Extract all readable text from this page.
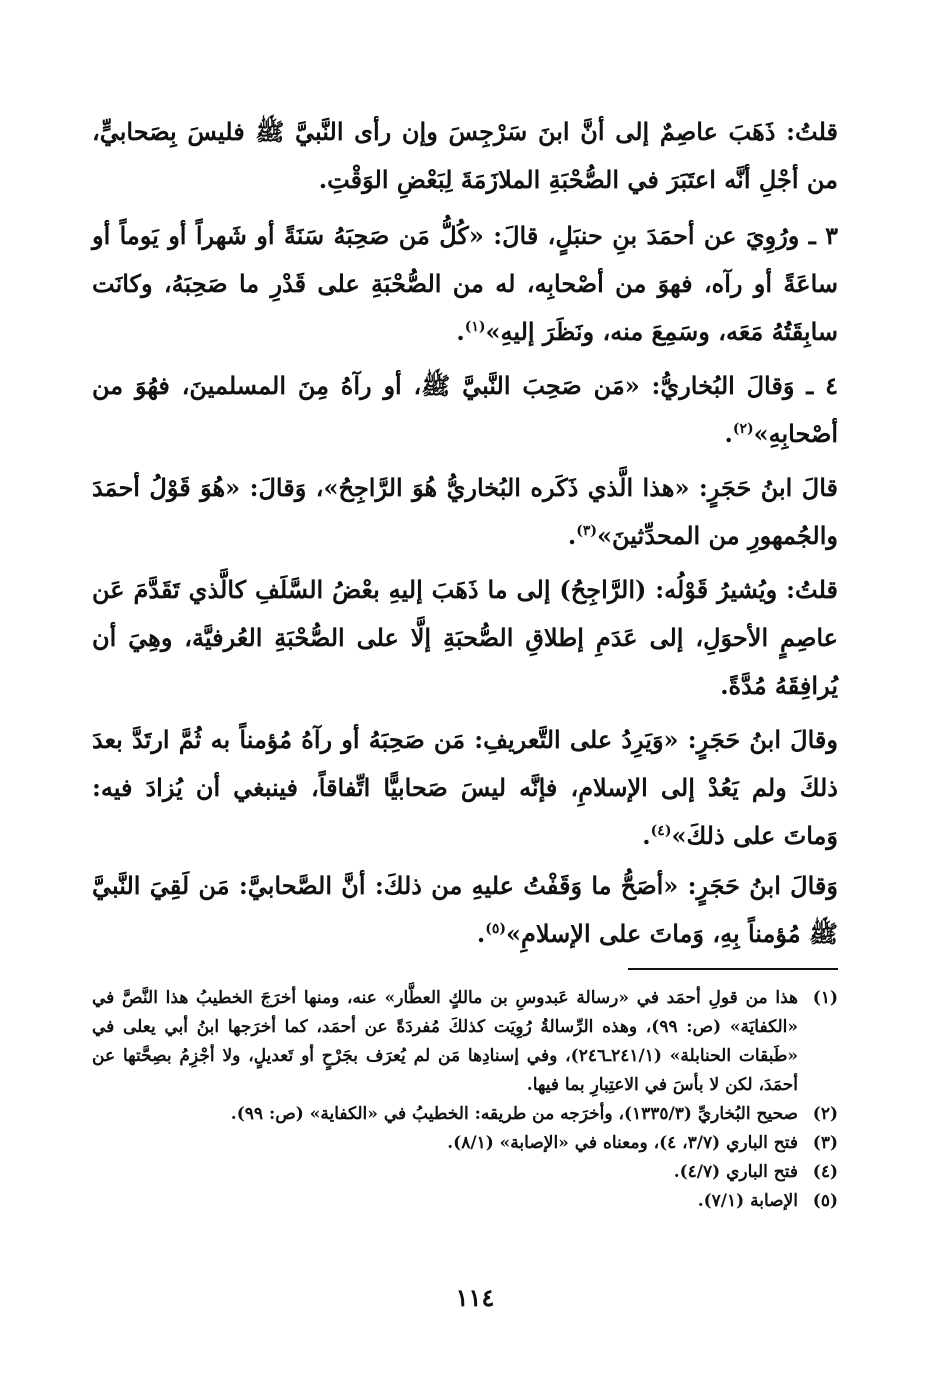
قلتُ: ذَهَبَ عاصِمٌ إلى أنَّ ابنَ سَرْجِسَ وإن رأى النَّبيَّ ﷺ فليسَ بِصَحابيٍّ، من أجْلِ أنَّه اعتَبَرَ في الصُّحْبَةِ الملازَمَةَ لِبَعْضِ الوَقْتِ.

٣ ـ ورُوِيَ عن أحمَدَ بنِ حنبَلٍ، قالَ: «كُلُّ مَن صَحِبَهُ سَنَةً أو شَهراً أو يَوماً أو ساعَةً أو رآه، فهوَ من أصْحابِه، له من الصُّحْبَةِ على قَدْرِ ما صَحِبَهُ، وكانَت سابِقَتُهُ مَعَه، وسَمِعَ منه، ونَظَرَ إليهِ»$^{(١)}$.

٤ ـ وَقالَ البُخاريُّ: «مَن صَحِبَ النَّبيَّ ﷺ، أو رآهُ مِنَ المسلمينَ، فهُوَ من أصْحابِهِ»$^{(٢)}$.

قالَ ابنُ حَجَرٍ: «هذا الَّذي ذَكَره البُخاريُّ هُوَ الرَّاجِحُ»، وَقالَ: «هُوَ قَوْلُ أحمَدَ والجُمهورِ من المحدِّثينَ»$^{(٣)}$.

قلتُ: ويُشيرُ قَوْلُه: (الرَّاجِحُ) إلى ما ذَهَبَ إليهِ بعْضُ السَّلَفِ كالَّذي تَقَدَّمَ عَن عاصِمٍ الأحوَلِ، إلى عَدَمِ إطلاقِ الصُّحبَةِ إلَّا على الصُّحْبَةِ العُرفيَّة، وهِيَ أن يُرافِقَهُ مُدَّةً.

وقالَ ابنُ حَجَرٍ: «وَيَرِدُ على التَّعريفِ: مَن صَحِبَهُ أو رآهُ مُؤمناً به ثُمَّ ارتَدَّ بعدَ ذلكَ ولم يَعُدْ إلى الإسلامِ، فإنَّه ليسَ صَحابيًّا اتِّفاقاً، فينبغي أن يُزادَ فيه: وَماتَ على ذلكَ»$^{(٤)}$.

وَقالَ ابنُ حَجَرٍ: «أصَحُّ ما وَقَفْتُ عليهِ من ذلكَ: أنَّ الصَّحابيَّ: مَن لَقِيَ النَّبيَّ ﷺ مُؤمناً بِهِ، وَماتَ على الإسلامِ»$^{(٥)}$.

(١)
هذا من قولِ أحمَد في «رسالة عَبدوسِ بن مالكٍ العطَّار» عنه، ومنها أخرَجَ الخطيبُ هذا النَّصَّ في «الكفايَة» (ص: ٩٩)، وهذه الرِّسالةُ رُوِيَت كذلكَ مُفردَةً عن أحمَد، كما أخرَجها ابنُ أبي يعلى في «طَبقات الحنابلة» (٢٤١/١ـ٢٤٦)، وفي إسنادِها مَن لم يُعرَف بجَرْحٍ أو تَعديلٍ، ولا أجْزِمُ بصِحَّتها عن أحمَدَ، لكن لا بأسَ في الاعتِبارِ بما فيها.
(٢)
صحيح البُخاريِّ (١٣٣٥/٣)، وأخرَجه من طريقه: الخطيبُ في «الكفاية» (ص: ٩٩).
(٣)
فتح الباري (٣/٧، ٤)، ومعناه في «الإصابة» (٨/١).
(٤)
فتح الباري (٤/٧).
(٥)
الإصابة (٧/١).
١١٤
